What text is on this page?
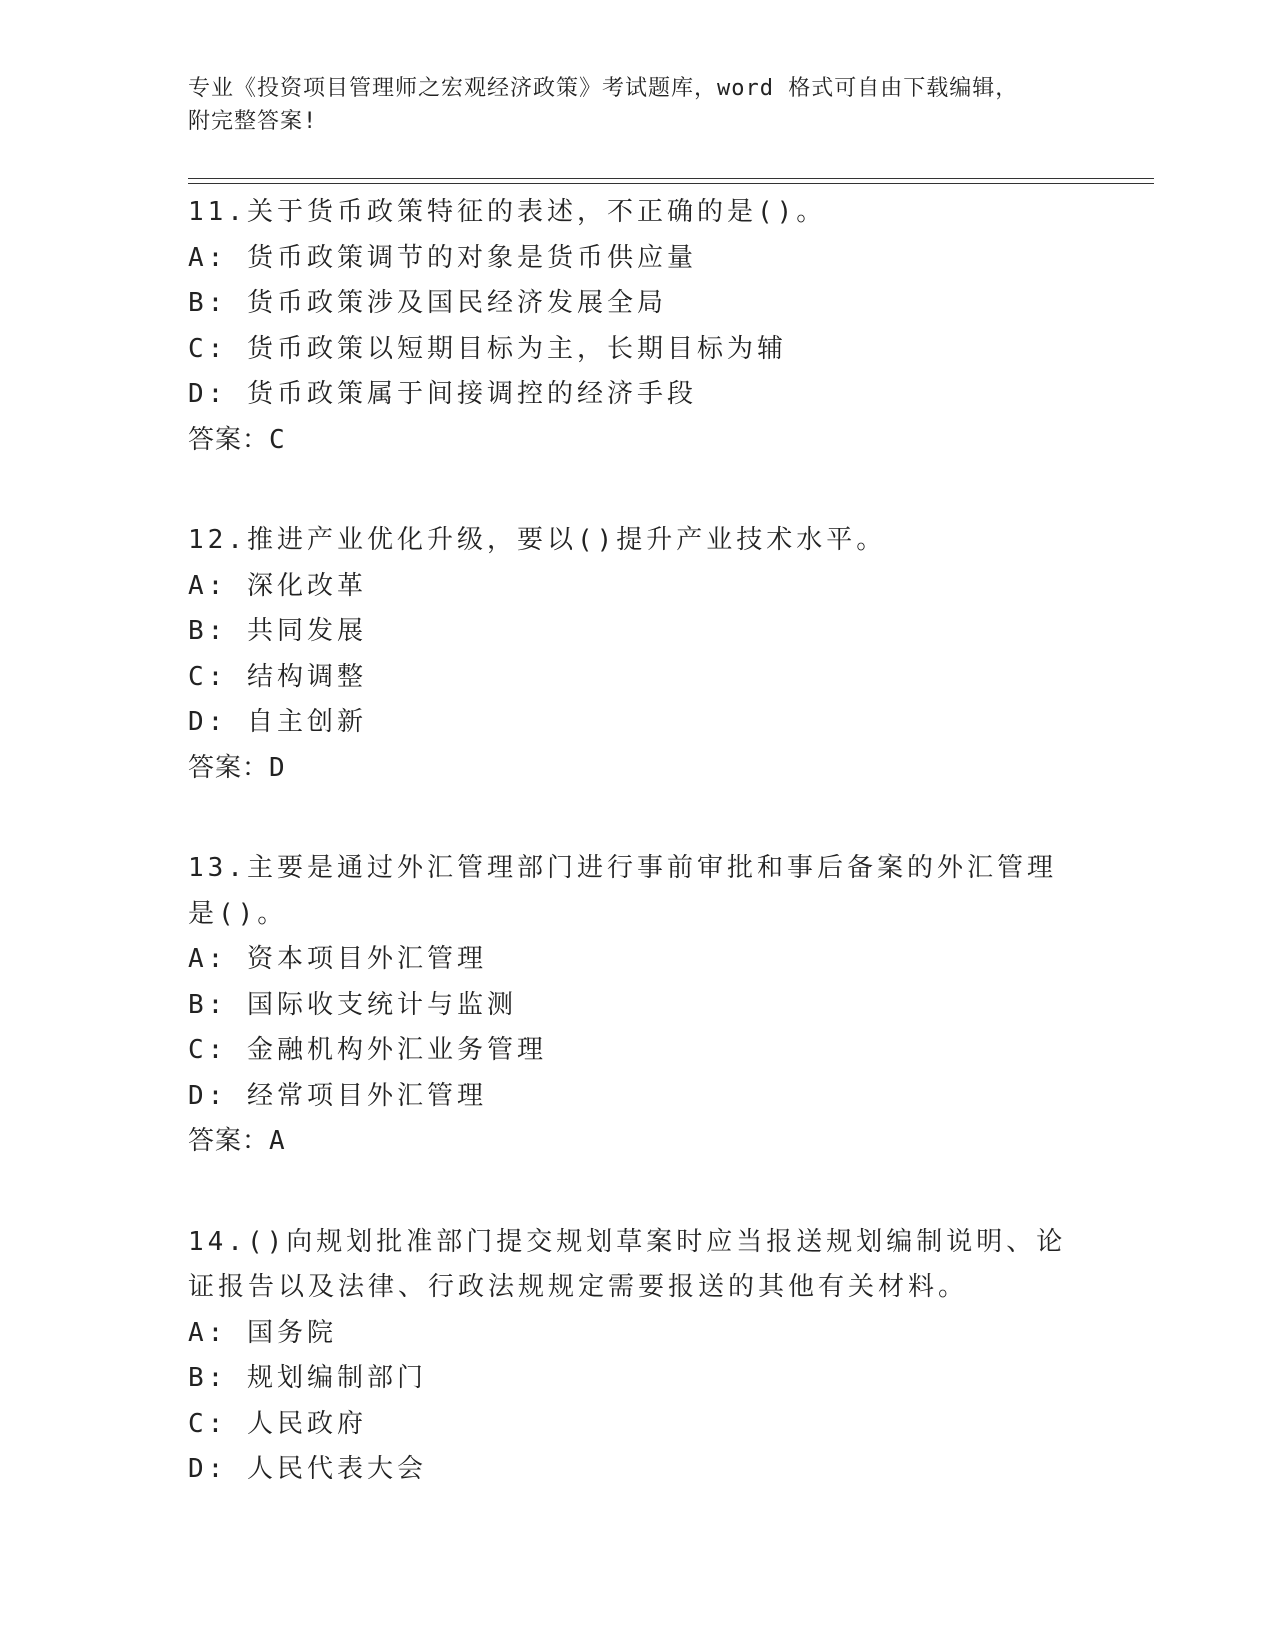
专业《投资项目管理师之宏观经济政策》考试题库，word 格式可自由下载编辑，
附完整答案!
11.关于货币政策特征的表述，不正确的是()。
A: 货币政策调节的对象是货币供应量
B: 货币政策涉及国民经济发展全局
C: 货币政策以短期目标为主，长期目标为辅
D: 货币政策属于间接调控的经济手段
答案：C
12.推进产业优化升级，要以()提升产业技术水平。
A: 深化改革
B: 共同发展
C: 结构调整
D: 自主创新
答案：D
13.主要是通过外汇管理部门进行事前审批和事后备案的外汇管理是()。
A: 资本项目外汇管理
B: 国际收支统计与监测
C: 金融机构外汇业务管理
D: 经常项目外汇管理
答案：A
14.()向规划批准部门提交规划草案时应当报送规划编制说明、论证报告以及法律、行政法规规定需要报送的其他有关材料。
A: 国务院
B: 规划编制部门
C: 人民政府
D: 人民代表大会
